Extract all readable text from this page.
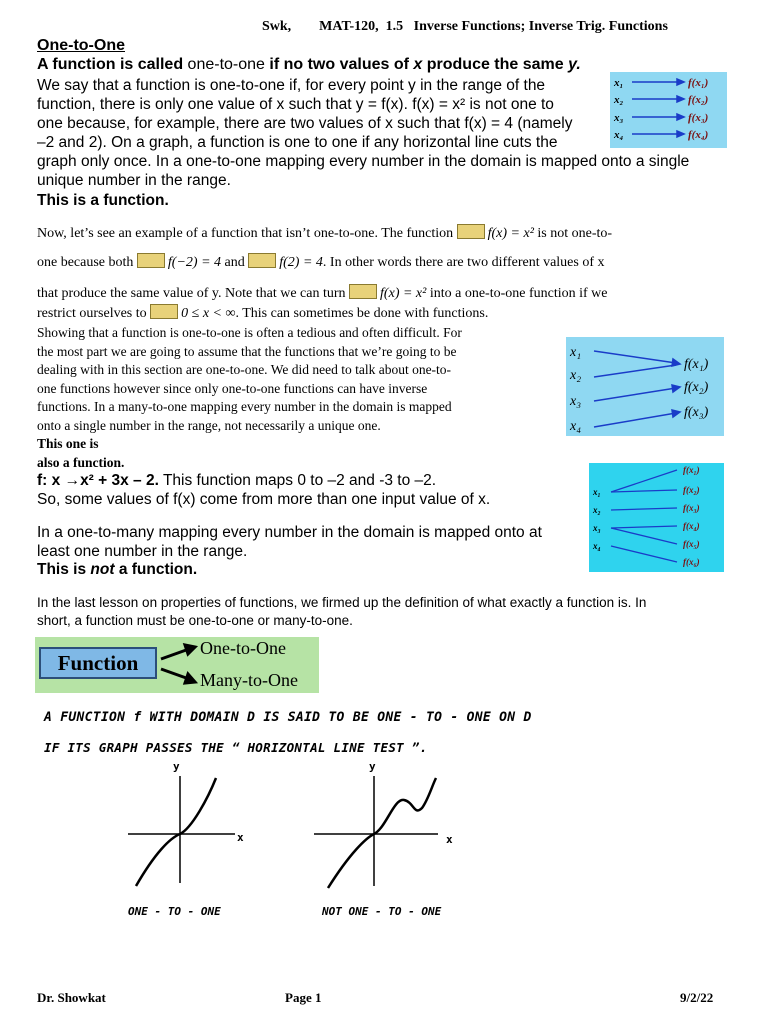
Swk,        MAT-120,  1.5   Inverse Functions; Inverse Trig. Functions
One-to-One
A function is called one-to-one if no two values of x produce the same y.
We say that a function is one-to-one if, for every point y in the range of the
function, there is only one value of x such that y = f(x). f(x) = x² is not one to
one because, for example, there are two values of x such that f(x) = 4 (namely
–2 and 2). On a graph, a function is one to one if any horizontal line cuts the
graph only once. In a one-to-one mapping every number in the domain is mapped onto a single
unique number in the range.
This is a function.
x₁
x₂
x₃
x₄
f(x₁)
f(x₂)
f(x₃)
f(x₄)
Now, let’s see an example of a function that isn’t one-to-one. The function f(x) = x² is not one-to-
one because both f(−2) = 4 and f(2) = 4. In other words there are two different values of x
that produce the same value of y. Note that we can turn f(x) = x² into a one-to-one function if we
restrict ourselves to 0 ≤ x < ∞. This can sometimes be done with functions.
Showing that a function is one-to-one is often a tedious and often difficult. For
the most part we are going to assume that the functions that we’re going to be
dealing with in this section are one-to-one. We did need to talk about one-to-
one functions however since only one-to-one functions can have inverse
functions. In a many-to-one mapping every number in the domain is mapped
onto a single number in the range, not necessarily a unique one.
This one is
also a function.
x₁
x₂
x₃
x₄
f(x₁)
f(x₂)
f(x₃)
f: x →x² + 3x – 2. This function maps 0 to –2 and -3 to –2.
So, some values of f(x) come from more than one input value of x.
In a one-to-many mapping every number in the domain is mapped onto at
least one number in the range.
This is not a function.
x₁
x₂
x₃
x₄
f(x₁)
f(x₂)
f(x₃)
f(x₄)
f(x₅)
f(x₆)
In the last lesson on properties of functions, we firmed up the definition of what exactly a function is. In
short, a function must be one-to-one or many-to-one.
Function
One-to-One
Many-to-One
A FUNCTION f WITH DOMAIN D IS SAID TO BE ONE - TO - ONE ON D
IF ITS GRAPH PASSES THE “ HORIZONTAL LINE TEST ”.
y
x
ONE - TO - ONE
y
x
NOT ONE - TO - ONE
Dr. Showkat	Page 1	9/2/22
